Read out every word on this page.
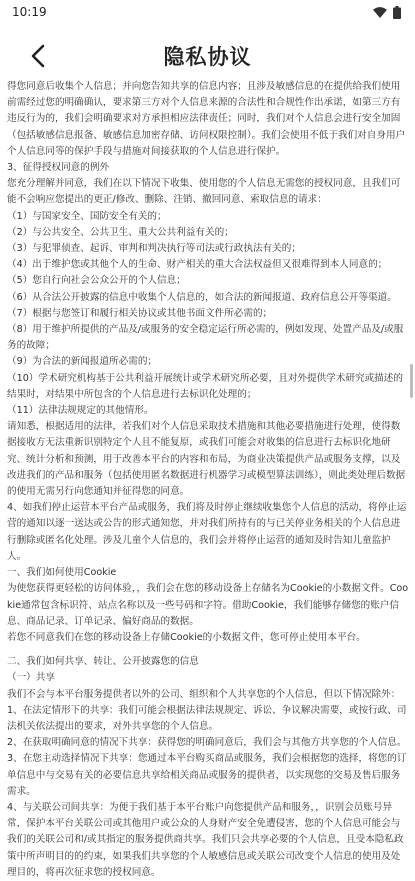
10:19
隐私协议

得您同意后收集个人信息；并向您告知共享的信息内容；且涉及敏感信息的在提供给我们使用前需经过您的明确确认，要求第三方对个人信息来源的合法性和合规性作出承诺，如第三方有违反行为的，我们会明确要求对方承担相应法律责任；同时，我们对个人信息会进行安全加固（包括敏感信息报备、敏感信息加密存储、访问权限控制）。我们会使用不低于我们对自身用户个人信息同等的保护手段与措施对间接获取的个人信息进行保护。

3、征得授权同意的例外

您充分理解并同意，我们在以下情况下收集、使用您的个人信息无需您的授权同意，且我们可能不会响应您提出的更正/修改、删除、注销、撤回同意、索取信息的请求：

（1）与国家安全、国防安全有关的；

（2）与公共安全、公共卫生、重大公共利益有关的；

（3）与犯罪侦查、起诉、审判和判决执行等司法或行政执法有关的；

（4）出于维护您或其他个人的生命、财产相关的重大合法权益但又很难得到本人同意的；

（5）您自行向社会公众公开的个人信息；

（6）从合法公开披露的信息中收集个人信息的，如合法的新闻报道、政府信息公开等渠道。

（7）根据与您签订和履行相关协议或其他书面文件所必需的；

（8）用于维护所提供的产品及/或服务的安全稳定运行所必需的，例如发现、处置产品及/或服务的故障；

（9）为合法的新闻报道所必需的；

（10）学术研究机构基于公共利益开展统计或学术研究所必要，且对外提供学术研究或描述的结果时，对结果中所包含的个人信息进行去标识化处理的；

（11）法律法规规定的其他情形。

请知悉，根据适用的法律，若我们对个人信息采取技术措施和其他必要措施进行处理，使得数据接收方无法重新识别特定个人且不能复原，或我们可能会对收集的信息进行去标识化地研究、统计分析和预测，用于改善本平台的内容和布局，为商业决策提供产品或服务支撑，以及改进我们的产品和服务（包括使用匿名数据进行机器学习或模型算法训练），则此类处理后数据的使用无需另行向您通知并征得您的同意。

4、如我们停止运营本平台产品或服务，我们将及时停止继续收集您个人信息的活动，将停止运营的通知以逐一送达或公告的形式通知您，并对我们所持有的与已关停业务相关的个人信息进行删除或匿名化处理。涉及儿童个人信息的，我们会并将停止运营的通知及时告知儿童监护人。

一、我们如何使用Cookie

为使您获得更轻松的访问体验，，我们会在您的移动设备上存储名为Cookie的小数据文件。Cookie通常包含标识符、站点名称以及一些号码和字符。借助Cookie，我们能够存储您的账户信息、商品记录、订单记录、偏好商品的数据。

若您不同意我们在您的移动设备上存储Cookie的小数据文件，您可停止使用本平台。

二、我们如何共享、转让、公开披露您的信息

（一）共享

我们不会与本平台服务提供者以外的公司、组织和个人共享您的个人信息，但以下情况除外：

1、在法定情形下的共享：我们可能会根据法律法规规定、诉讼、争议解决需要，或按行政、司法机关依法提出的要求，对外共享您的个人信息。

2、在获取明确同意的情况下共享：获得您的明确同意后，我们会与其他方共享您的个人信息。

3、在您主动选择情况下共享：您通过本平台购买商品或服务，我们会根据您的选择，将您的订单信息中与交易有关的必要信息共享给相关商品或服务的提供者，以实现您的交易及售后服务需求。

4、与关联公司间共享：为便于我们基于本平台账户向您提供产品和服务，，识别会员账号异常，保护本平台关联公司或其他用户或公众的人身财产安全免遭侵害，您的个人信息可能会与我们的关联公司和/或其指定的服务提供商共享。我们只会共享必要的个人信息，且受本隐私政策中所声明目的的约束，如果我们共享您的个人敏感信息或关联公司改变个人信息的使用及处理目的，将再次征求您的授权同意。
